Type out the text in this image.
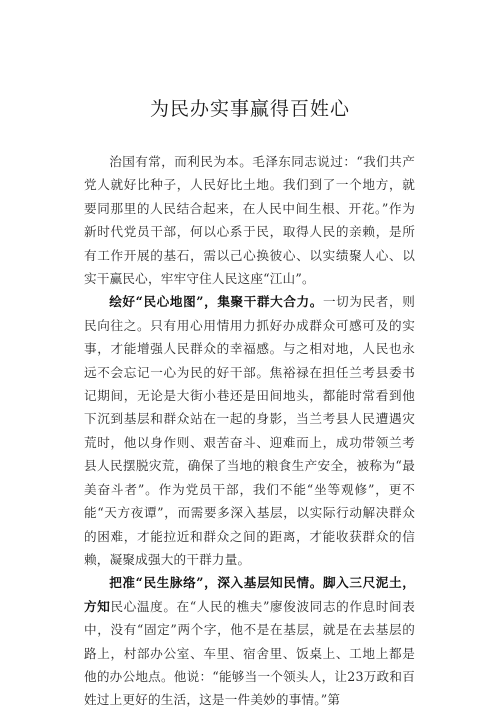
为民办实事赢得百姓心

治国有常，而利民为本。毛泽东同志说过：“我们共产党人就好比种子，人民好比土地。我们到了一个地方，就要同那里的人民结合起来，在人民中间生根、开花。”作为新时代党员干部，何以心系于民，取得人民的亲赖，是所有工作开展的基石，需以己心换彼心、以实绩聚人心、以实干赢民心，牢牢守住人民这座“江山”。

绘好“民心地图”，集聚干群大合力。一切为民者，则民向往之。只有用心用情用力抓好办成群众可感可及的实事，才能增强人民群众的幸福感。与之相对地，人民也永远不会忘记一心为民的好干部。焦裕禄在担任兰考县委书记期间，无论是大街小巷还是田间地头，都能时常看到他下沉到基层和群众站在一起的身影，当兰考县人民遭遇灾荒时，他以身作则、艰苦奋斗、迎难而上，成功带领兰考县人民摆脱灾荒，确保了当地的粮食生产安全，被称为“最美奋斗者”。作为党员干部，我们不能“坐等观修”，更不能“天方夜谭”，而需要多深入基层，以实际行动解决群众的困难，才能拉近和群众之间的距离，才能收获群众的信赖，凝聚成强大的干群力量。

把准“民生脉络”，深入基层知民情。脚入三尺泥土，方知民心温度。在“人民的樵夫”廖俊波同志的作息时间表中，没有“固定”两个字，他不是在基层，就是在去基层的路上，村部办公室、车里、宿舍里、饭桌上、工地上都是他的办公地点。他说：“能够当一个领头人，让23万政和百姓过上更好的生活，这是一件美妙的事情。”第
